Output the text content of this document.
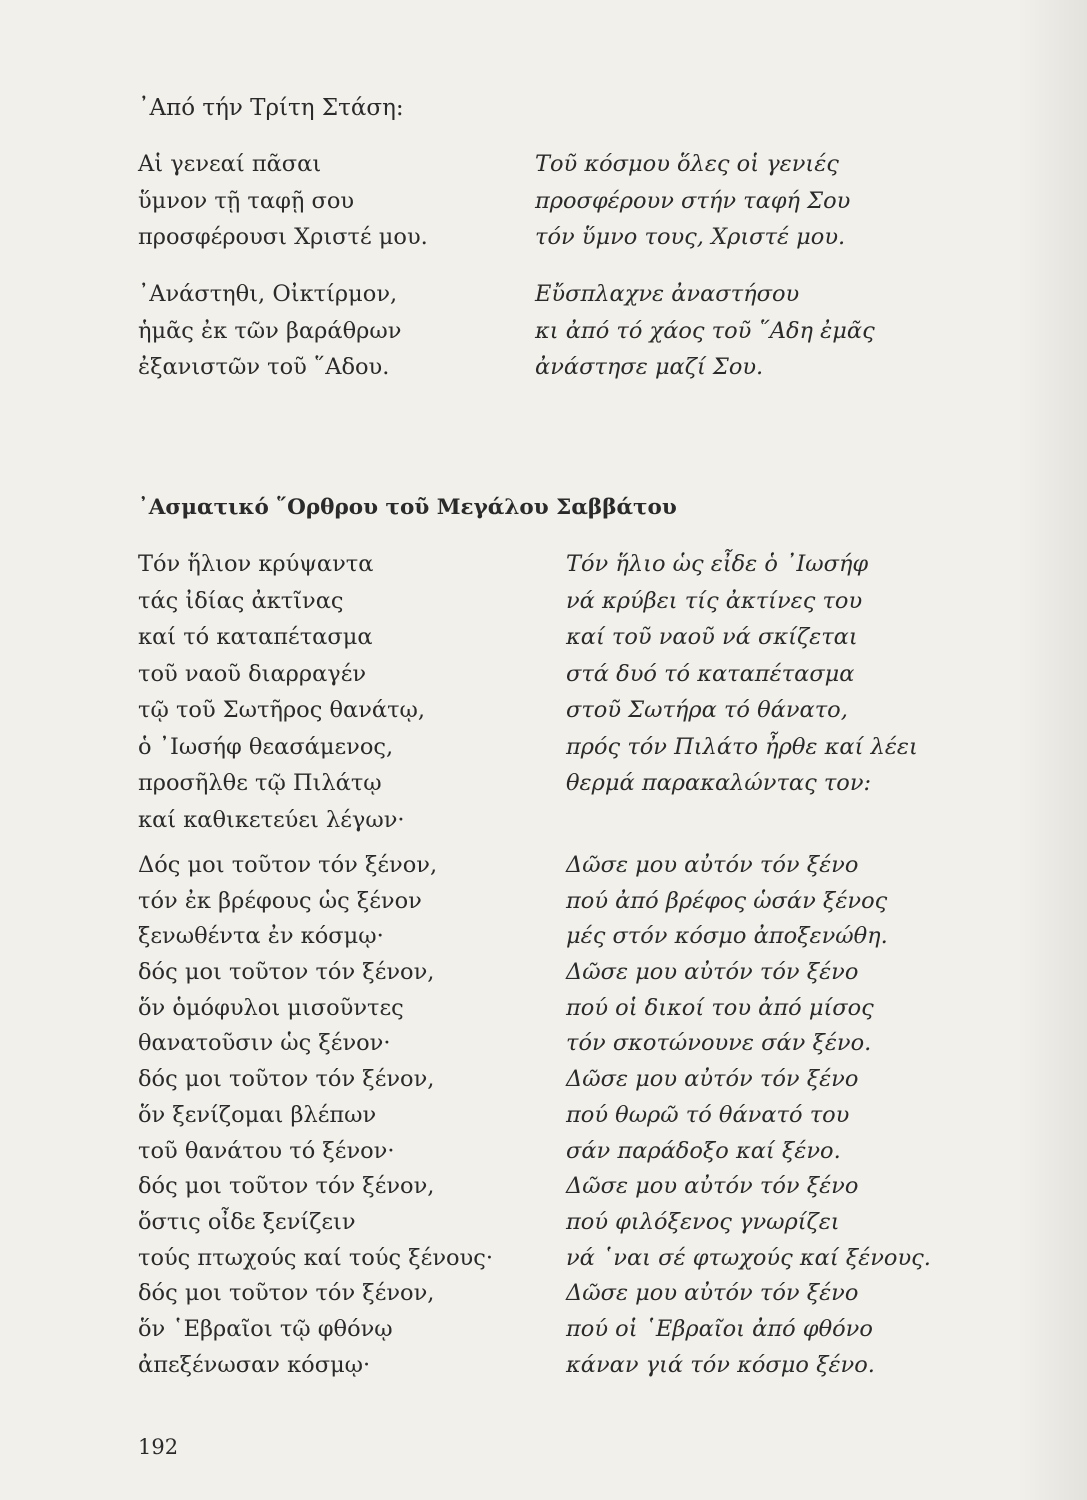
᾿Από τήν Τρίτη Στάση:
Αἱ γενεαί πᾶσαι
ὕμνον τῇ ταφῇ σου
προσφέρουσι Χριστέ μου.
Τοῦ κόσμου ὅλες οἱ γενιές
προσφέρουν στήν ταφή Σου
τόν ὕμνο τους, Χριστέ μου.
᾿Ανάστηθι, Οἰκτίρμον,
ἡμᾶς ἐκ τῶν βαράθρων
ἐξανιστῶν τοῦ ῞Αδου.
Εὔσπλαχνε ἀναστήσου
κι ἀπό τό χάος τοῦ ῞Αδη ἐμᾶς
ἀνάστησε μαζί Σου.
᾿Ασματικό ῞Ορθρου τοῦ Μεγάλου Σαββάτου
Τόν ἥλιον κρύψαντα
τάς ἰδίας ἀκτῖνας
καί τό καταπέτασμα
τοῦ ναοῦ διαρραγέν
τῷ τοῦ Σωτῆρος θανάτῳ,
ὁ ᾿Ιωσήφ θεασάμενος,
προσῆλθε τῷ Πιλάτῳ
καί καθικετεύει λέγων·
Τόν ἥλιο ὡς εἶδε ὁ ᾿Ιωσήφ
νά κρύβει τίς ἀκτίνες του
καί τοῦ ναοῦ νά σκίζεται
στά δυό τό καταπέτασμα
στοῦ Σωτήρα τό θάνατο,
πρός τόν Πιλάτο ἦρθε καί λέει
θερμά παρακαλώντας τον:
Δός μοι τοῦτον τόν ξένον,
τόν ἐκ βρέφους ὡς ξένον
ξενωθέντα ἐν κόσμῳ·
δός μοι τοῦτον τόν ξένον,
ὅν ὁμόφυλοι μισοῦντες
θανατοῦσιν ὡς ξένον·
δός μοι τοῦτον τόν ξένον,
ὅν ξενίζομαι βλέπων
τοῦ θανάτου τό ξένον·
δός μοι τοῦτον τόν ξένον,
ὅστις οἶδε ξενίζειν
τούς πτωχούς καί τούς ξένους·
δός μοι τοῦτον τόν ξένον,
ὅν ῾Εβραῖοι τῷ φθόνῳ
ἀπεξένωσαν κόσμῳ·
Δῶσε μου αὐτόν τόν ξένο
πού ἀπό βρέφος ὡσάν ξένος
μές στόν κόσμο ἀποξενώθη.
Δῶσε μου αὐτόν τόν ξένο
πού οἱ δικοί του ἀπό μίσος
τόν σκοτώνουνε σάν ξένο.
Δῶσε μου αὐτόν τόν ξένο
πού θωρῶ τό θάνατό του
σάν παράδοξο καί ξένο.
Δῶσε μου αὐτόν τόν ξένο
πού φιλόξενος γνωρίζει
νά ῾ναι σέ φτωχούς καί ξένους.
Δῶσε μου αὐτόν τόν ξένο
πού οἱ ῾Εβραῖοι ἀπό φθόνο
κάναν γιά τόν κόσμο ξένο.
192
